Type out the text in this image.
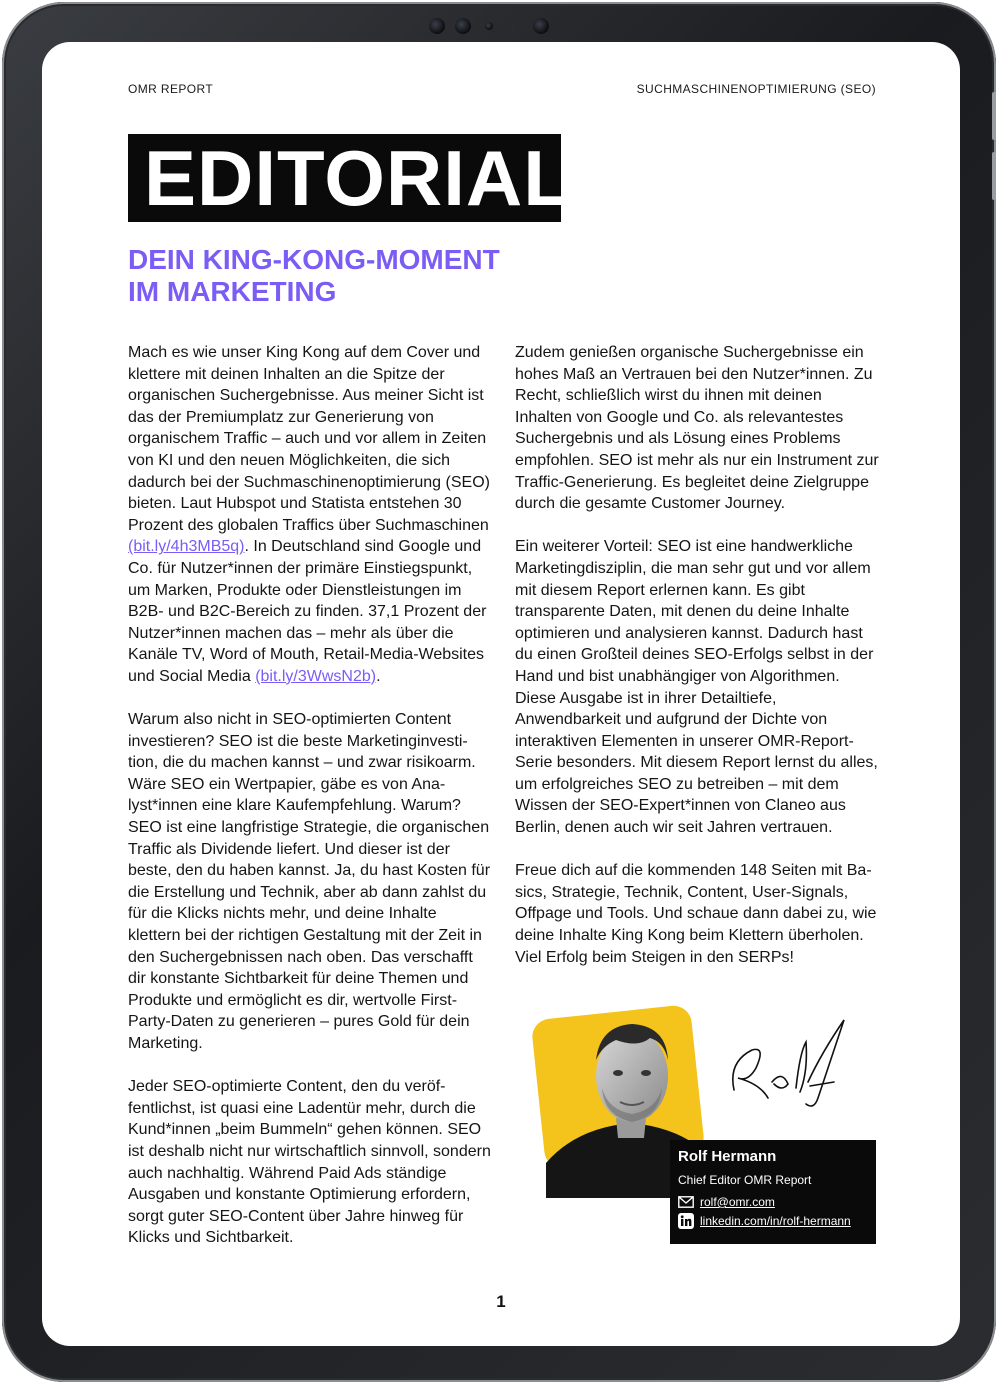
OMR REPORT	SUCHMASCHINENOPTIMIERUNG (SEO)
EDITORIAL
DEIN KING-KONG-MOMENT
IM MARKETING

Mach es wie unser King Kong auf dem Cover und klettere mit deinen Inhalten an die Spitze der organischen Suchergebnisse. Aus meiner Sicht ist das der Premiumplatz zur Generierung von organischem Traffic – auch und vor allem in Zeiten von KI und den neuen Möglichkeiten, die sich dadurch bei der Suchmaschinenoptimierung (SEO) bieten. Laut Hubspot und Statista entstehen 30 Prozent des globalen Traffics über Suchmaschinen (bit.ly/4h3MB5q). In Deutschland sind Google und Co. für Nutzer*innen der primäre Einstiegspunkt, um Marken, Produkte oder Dienstleistungen im B2B- und B2C-Bereich zu finden. 37,1 Prozent der Nutzer*innen machen das – mehr als über die Kanäle TV, Word of Mouth, Retail-Media-Websites und Social Media (bit.ly/3WwsN2b).

Warum also nicht in SEO-optimierten Content investieren? SEO ist die beste Marketinginvestition, die du machen kannst – und zwar risikoarm. Wäre SEO ein Wertpapier, gäbe es von Analyst*innen eine klare Kaufempfehlung. Warum? SEO ist eine langfristige Strategie, die organischen Traffic als Dividende liefert. Und dieser ist der beste, den du haben kannst. Ja, du hast Kosten für die Erstellung und Technik, aber ab dann zahlst du für die Klicks nichts mehr, und deine Inhalte klettern bei der richtigen Gestaltung mit der Zeit in den Suchergebnissen nach oben. Das verschafft dir konstante Sichtbarkeit für deine Themen und Produkte und ermöglicht es dir, wertvolle First-Party-Daten zu generieren – pures Gold für dein Marketing.

Jeder SEO-optimierte Content, den du veröffentlichst, ist quasi eine Ladentür mehr, durch die Kund*innen „beim Bummeln“ gehen können. SEO ist deshalb nicht nur wirtschaftlich sinnvoll, sondern auch nachhaltig. Während Paid Ads ständige Ausgaben und konstante Optimierung erfordern, sorgt guter SEO-Content über Jahre hinweg für Klicks und Sichtbarkeit.

Zudem genießen organische Suchergebnisse ein hohes Maß an Vertrauen bei den Nutzer*innen. Zu Recht, schließlich wirst du ihnen mit deinen Inhalten von Google und Co. als relevantestes Suchergebnis und als Lösung eines Problems empfohlen. SEO ist mehr als nur ein Instrument zur Traffic-Generierung. Es begleitet deine Zielgruppe durch die gesamte Customer Journey.

Ein weiterer Vorteil: SEO ist eine handwerkliche Marketingdisziplin, die man sehr gut und vor allem mit diesem Report erlernen kann. Es gibt transparente Daten, mit denen du deine Inhalte optimieren und analysieren kannst. Dadurch hast du einen Großteil deines SEO-Erfolgs selbst in der Hand und bist unabhängiger von Algorithmen. Diese Ausgabe ist in ihrer Detailtiefe, Anwendbarkeit und aufgrund der Dichte von interaktiven Elementen in unserer OMR-Report-Serie besonders. Mit diesem Report lernst du alles, um erfolgreiches SEO zu betreiben – mit dem Wissen der SEO-Expert*innen von Claneo aus Berlin, denen auch wir seit Jahren vertrauen.

Freue dich auf die kommenden 148 Seiten mit Basics, Strategie, Technik, Content, User-Signals, Offpage und Tools. Und schaue dann dabei zu, wie deine Inhalte King Kong beim Klettern überholen. Viel Erfolg beim Steigen in den SERPs!

Rolf Hermann
Chief Editor OMR Report
rolf@omr.com
linkedin.com/in/rolf-hermann
1
